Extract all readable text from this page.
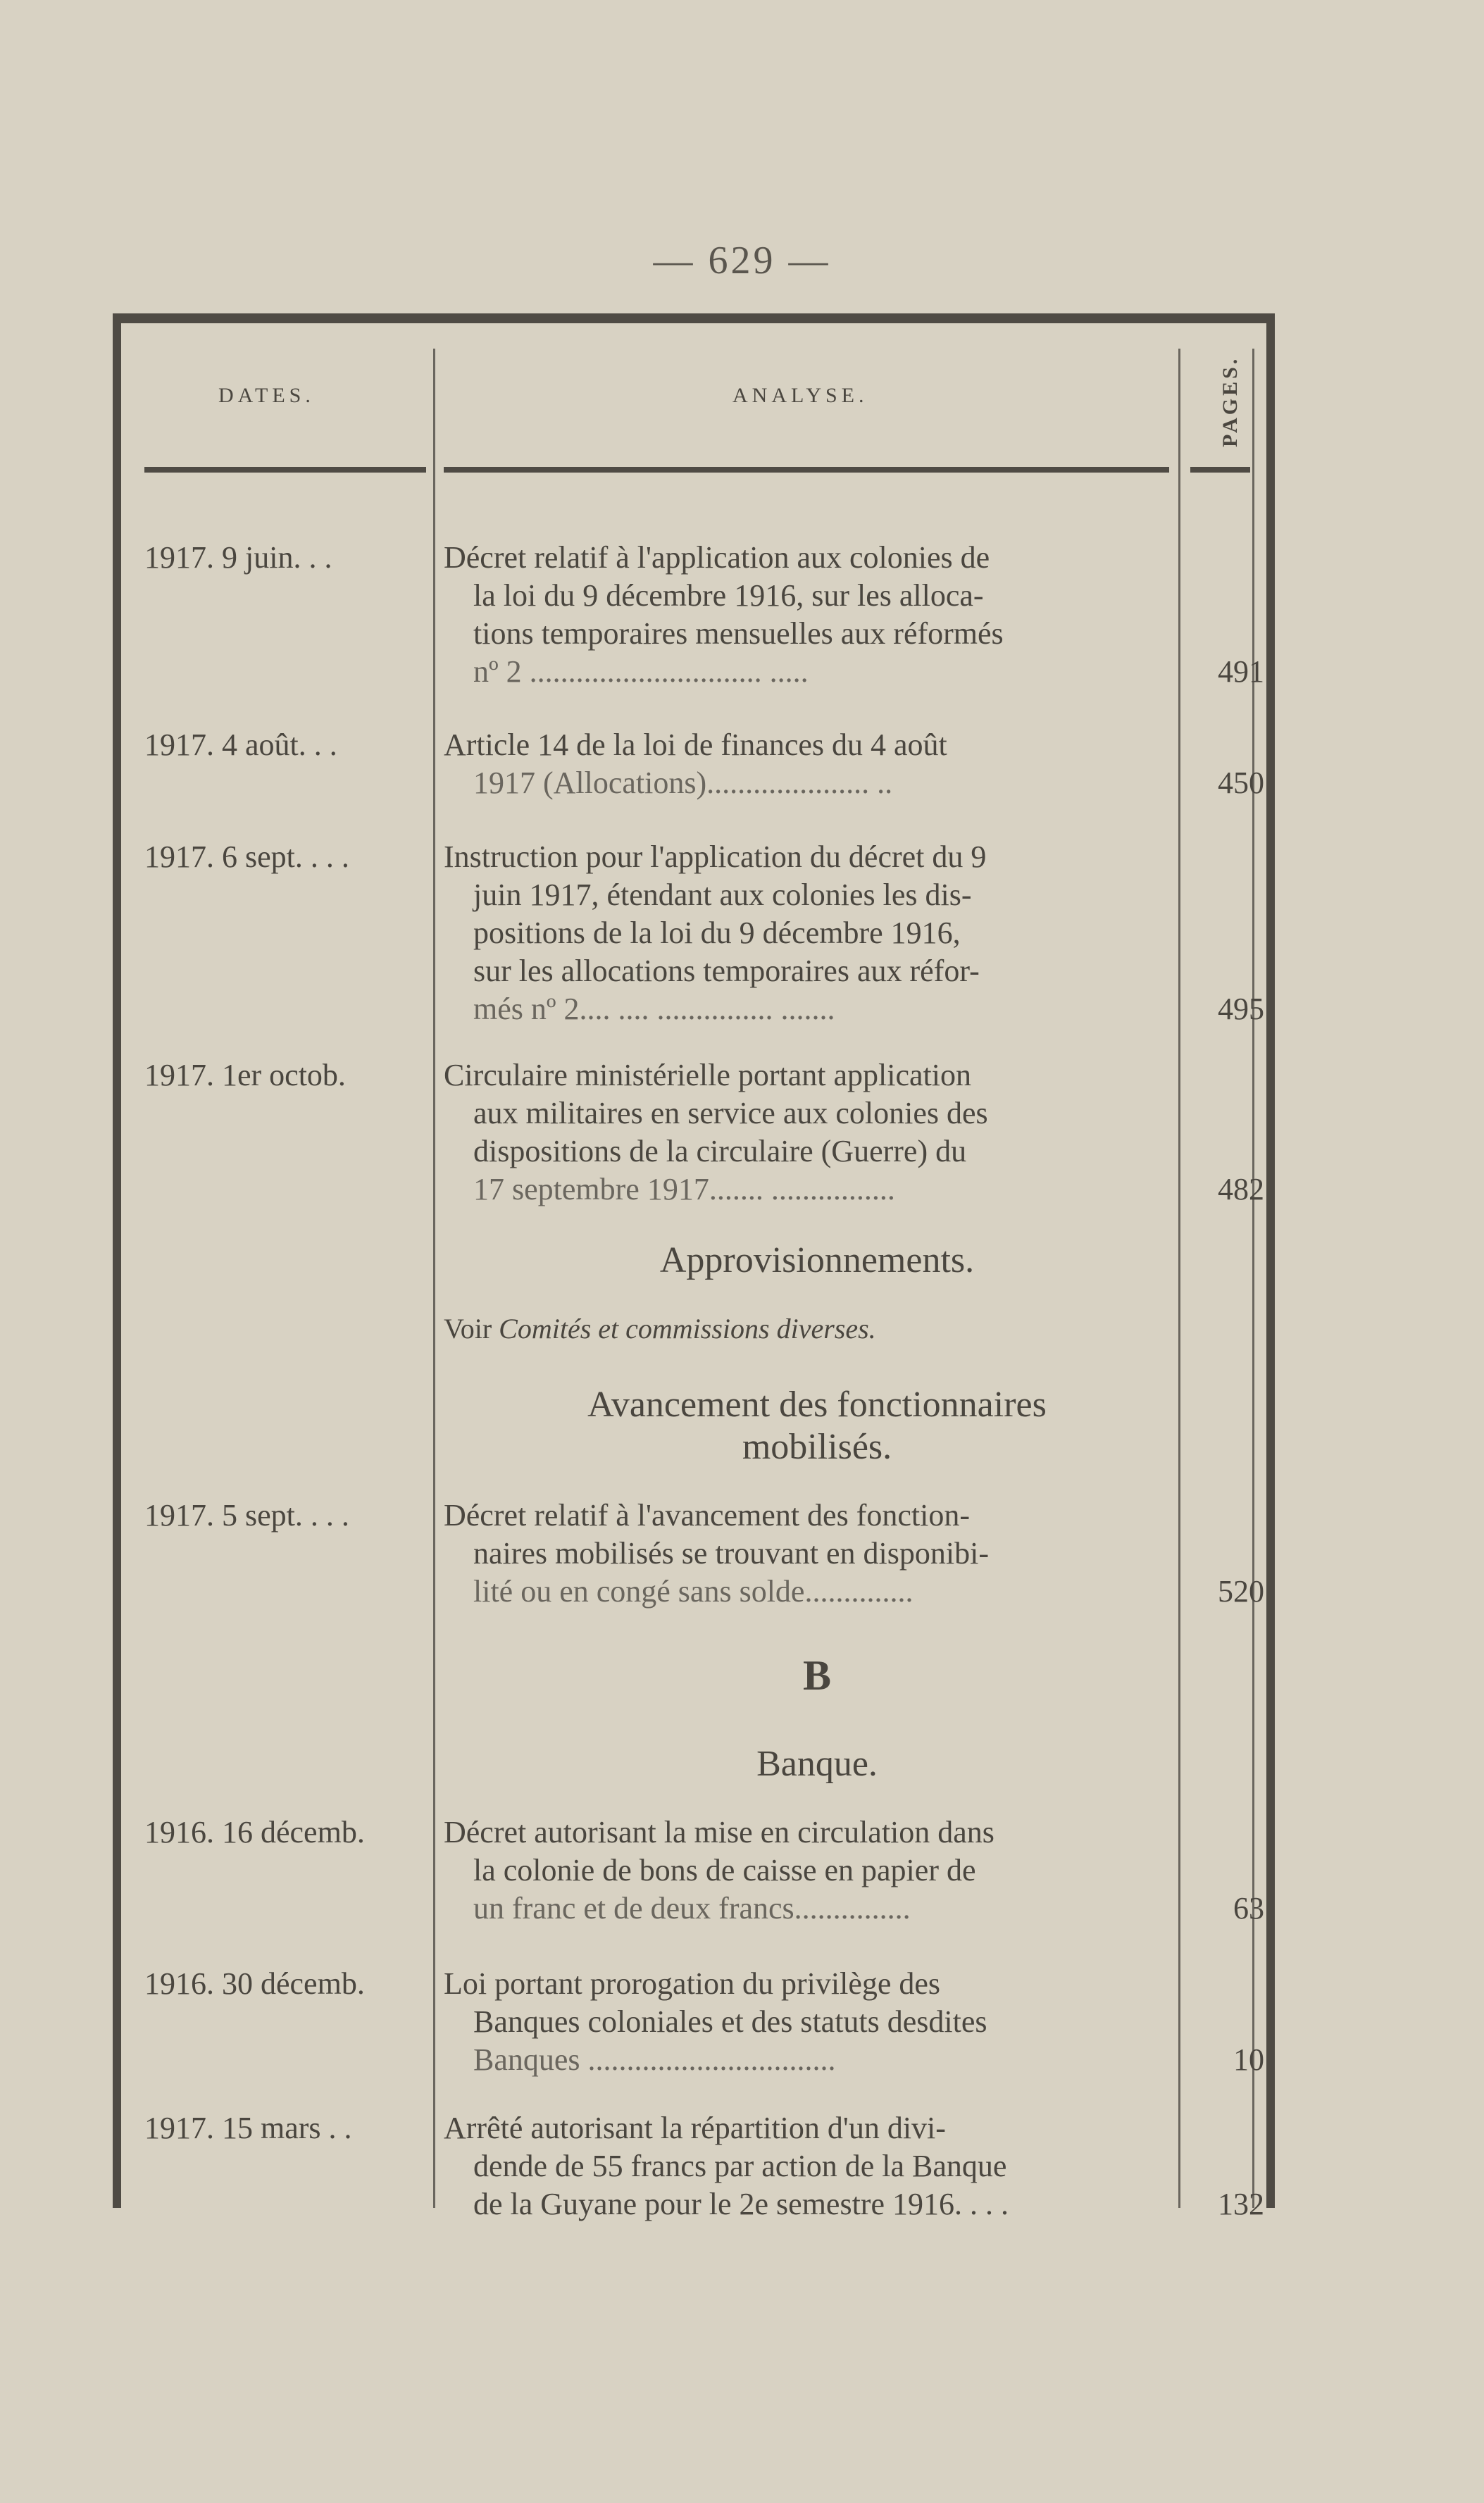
— 629 —
DATES.	ANALYSE.	PAGES.
1917. 9 juin. . .	Décret relatif à l'application aux colonies de
la loi du 9 décembre 1916, sur les alloca-
tions temporaires mensuelles aux réformés
nº 2 .............................. .....	491
1917. 4 août. . .	Article 14 de la loi de finances du 4 août
1917 (Allocations)..................... ..	450
1917. 6 sept. . . .	Instruction pour l'application du décret du 9
juin 1917, étendant aux colonies les dis-
positions de la loi du 9 décembre 1916,
sur les allocations temporaires aux réfor-
més nº 2.... .... ............... .......	495
1917. 1er octob.	Circulaire ministérielle portant application
aux militaires en service aux colonies des
dispositions de la circulaire (Guerre) du
17 septembre 1917....... ................	482
Approvisionnements.
Voir Comités et commissions diverses.
Avancement des fonctionnaires
mobilisés.
1917. 5 sept. . . .	Décret relatif à l'avancement des fonction-
naires mobilisés se trouvant en disponibi-
lité ou en congé sans solde..............	520
B
Banque.
1916. 16 décemb.	Décret autorisant la mise en circulation dans
la colonie de bons de caisse en papier de
un franc et de deux francs...............	63
1916. 30 décemb.	Loi portant prorogation du privilège des
Banques coloniales et des statuts desdites
Banques ................................	10
1917. 15 mars . .	Arrêté autorisant la répartition d'un divi-
dende de 55 francs par action de la Banque
de la Guyane pour le 2e semestre 1916. . . .	132
